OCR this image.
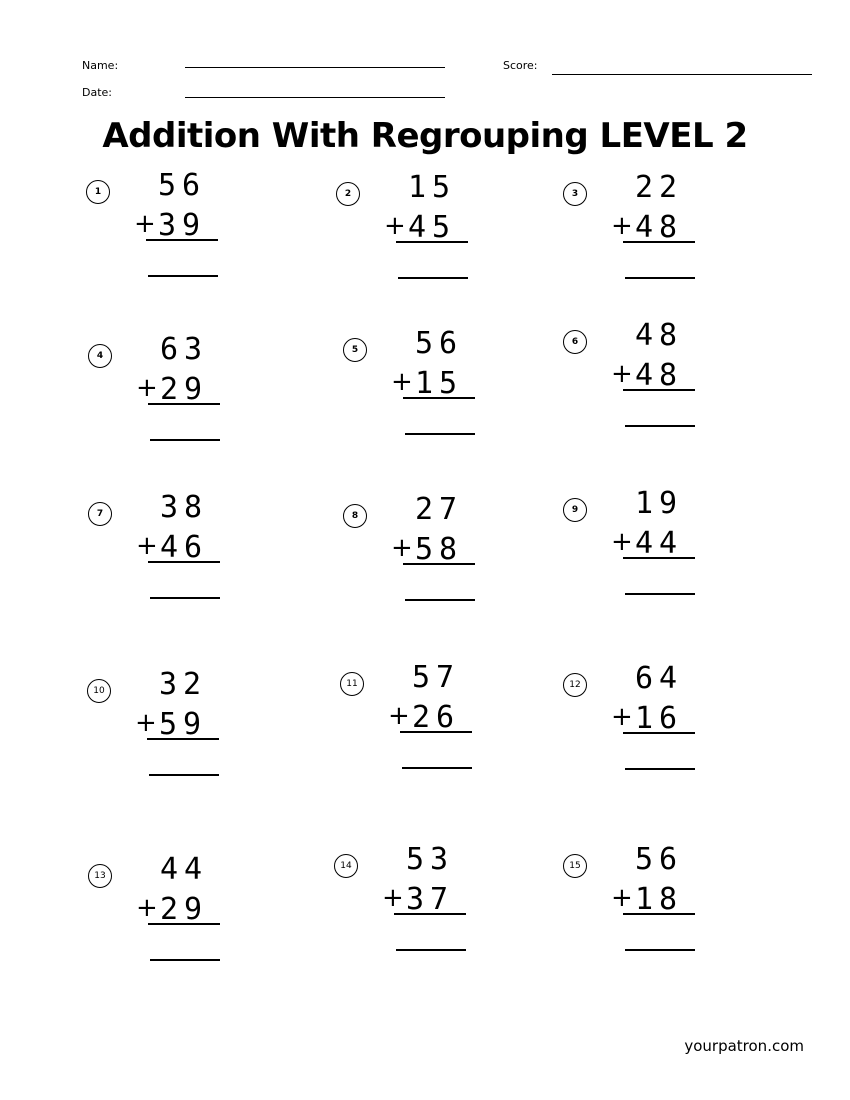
Name:
Date:
Score:
Addition With Regrouping LEVEL 2
1 56
+ 39
2 15
+ 45
3 22
+ 48
4 63
+ 29
5 56
+ 15
6 48
+ 48
7 38
+ 46
8 27
+ 58
9 19
+ 44
10 32
+ 59
11 57
+ 26
12 64
+ 16
13 44
+ 29
14 53
+ 37
15 56
+ 18
yourpatron.com
